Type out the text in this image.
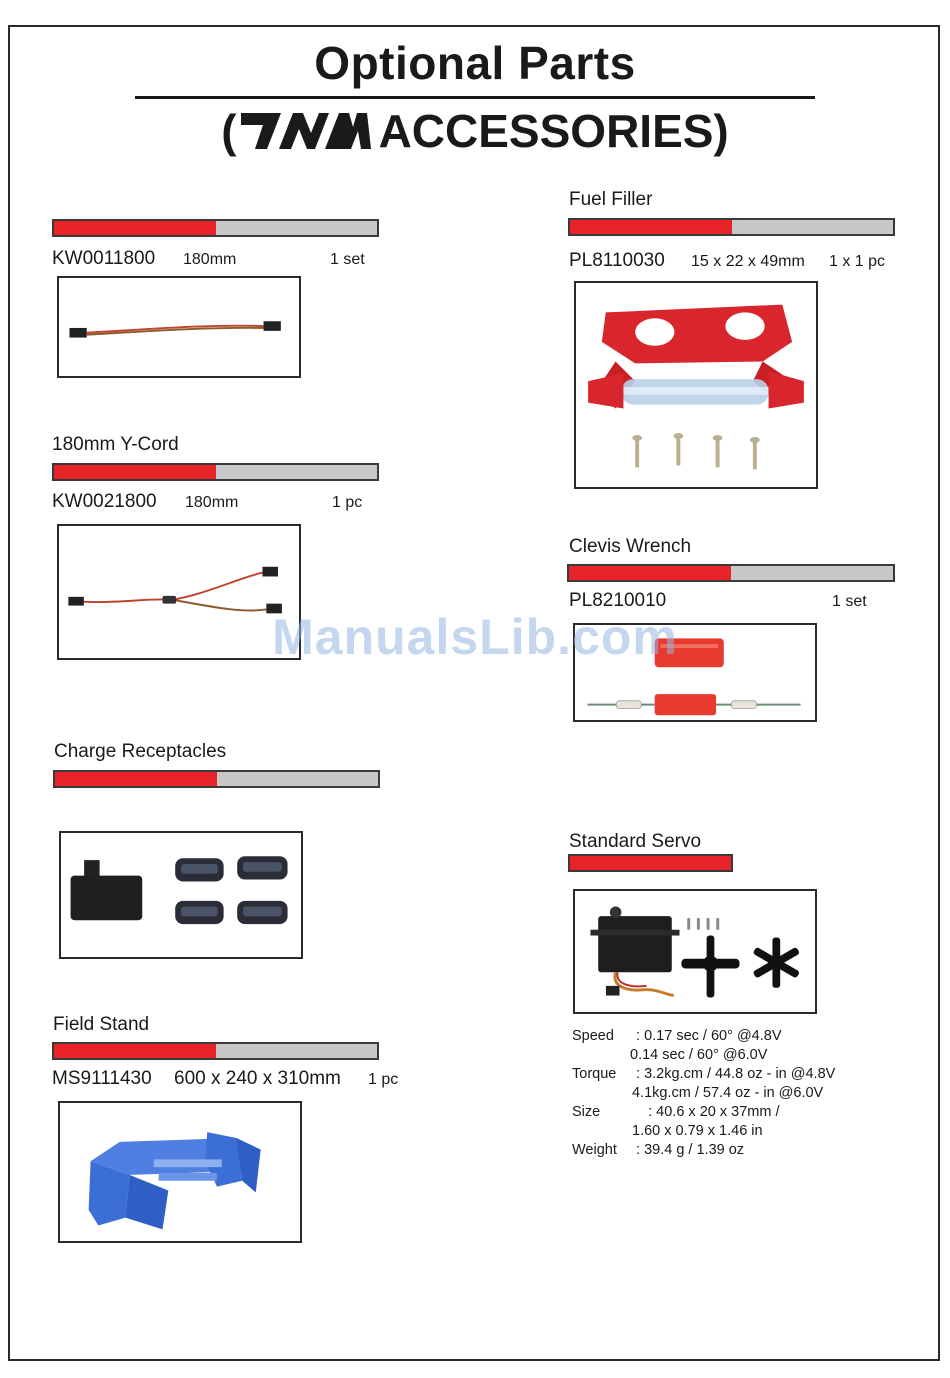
Optional Parts
(	ACCESSORIES)
KW0011800 180mm	1 set
180mm Y-Cord
KW0021800 180mm	1 pc
Charge Receptacles
Field Stand
MS9111430 600 x 240 x 310mm 1 pc
Fuel Filler
PL8110030 15 x 22 x 49mm 1 x 1 pc
Clevis Wrench
PL8210010	1 set
Standard Servo
Speed : 0.17 sec / 60° @4.8V
0.14 sec / 60° @6.0V
Torque : 3.2kg.cm / 44.8 oz - in @4.8V
4.1kg.cm / 57.4 oz - in @6.0V
Size    : 40.6 x 20 x 37mm /
1.60 x 0.79 x 1.46 in
Weight : 39.4 g / 1.39 oz
ManualsLib.com
